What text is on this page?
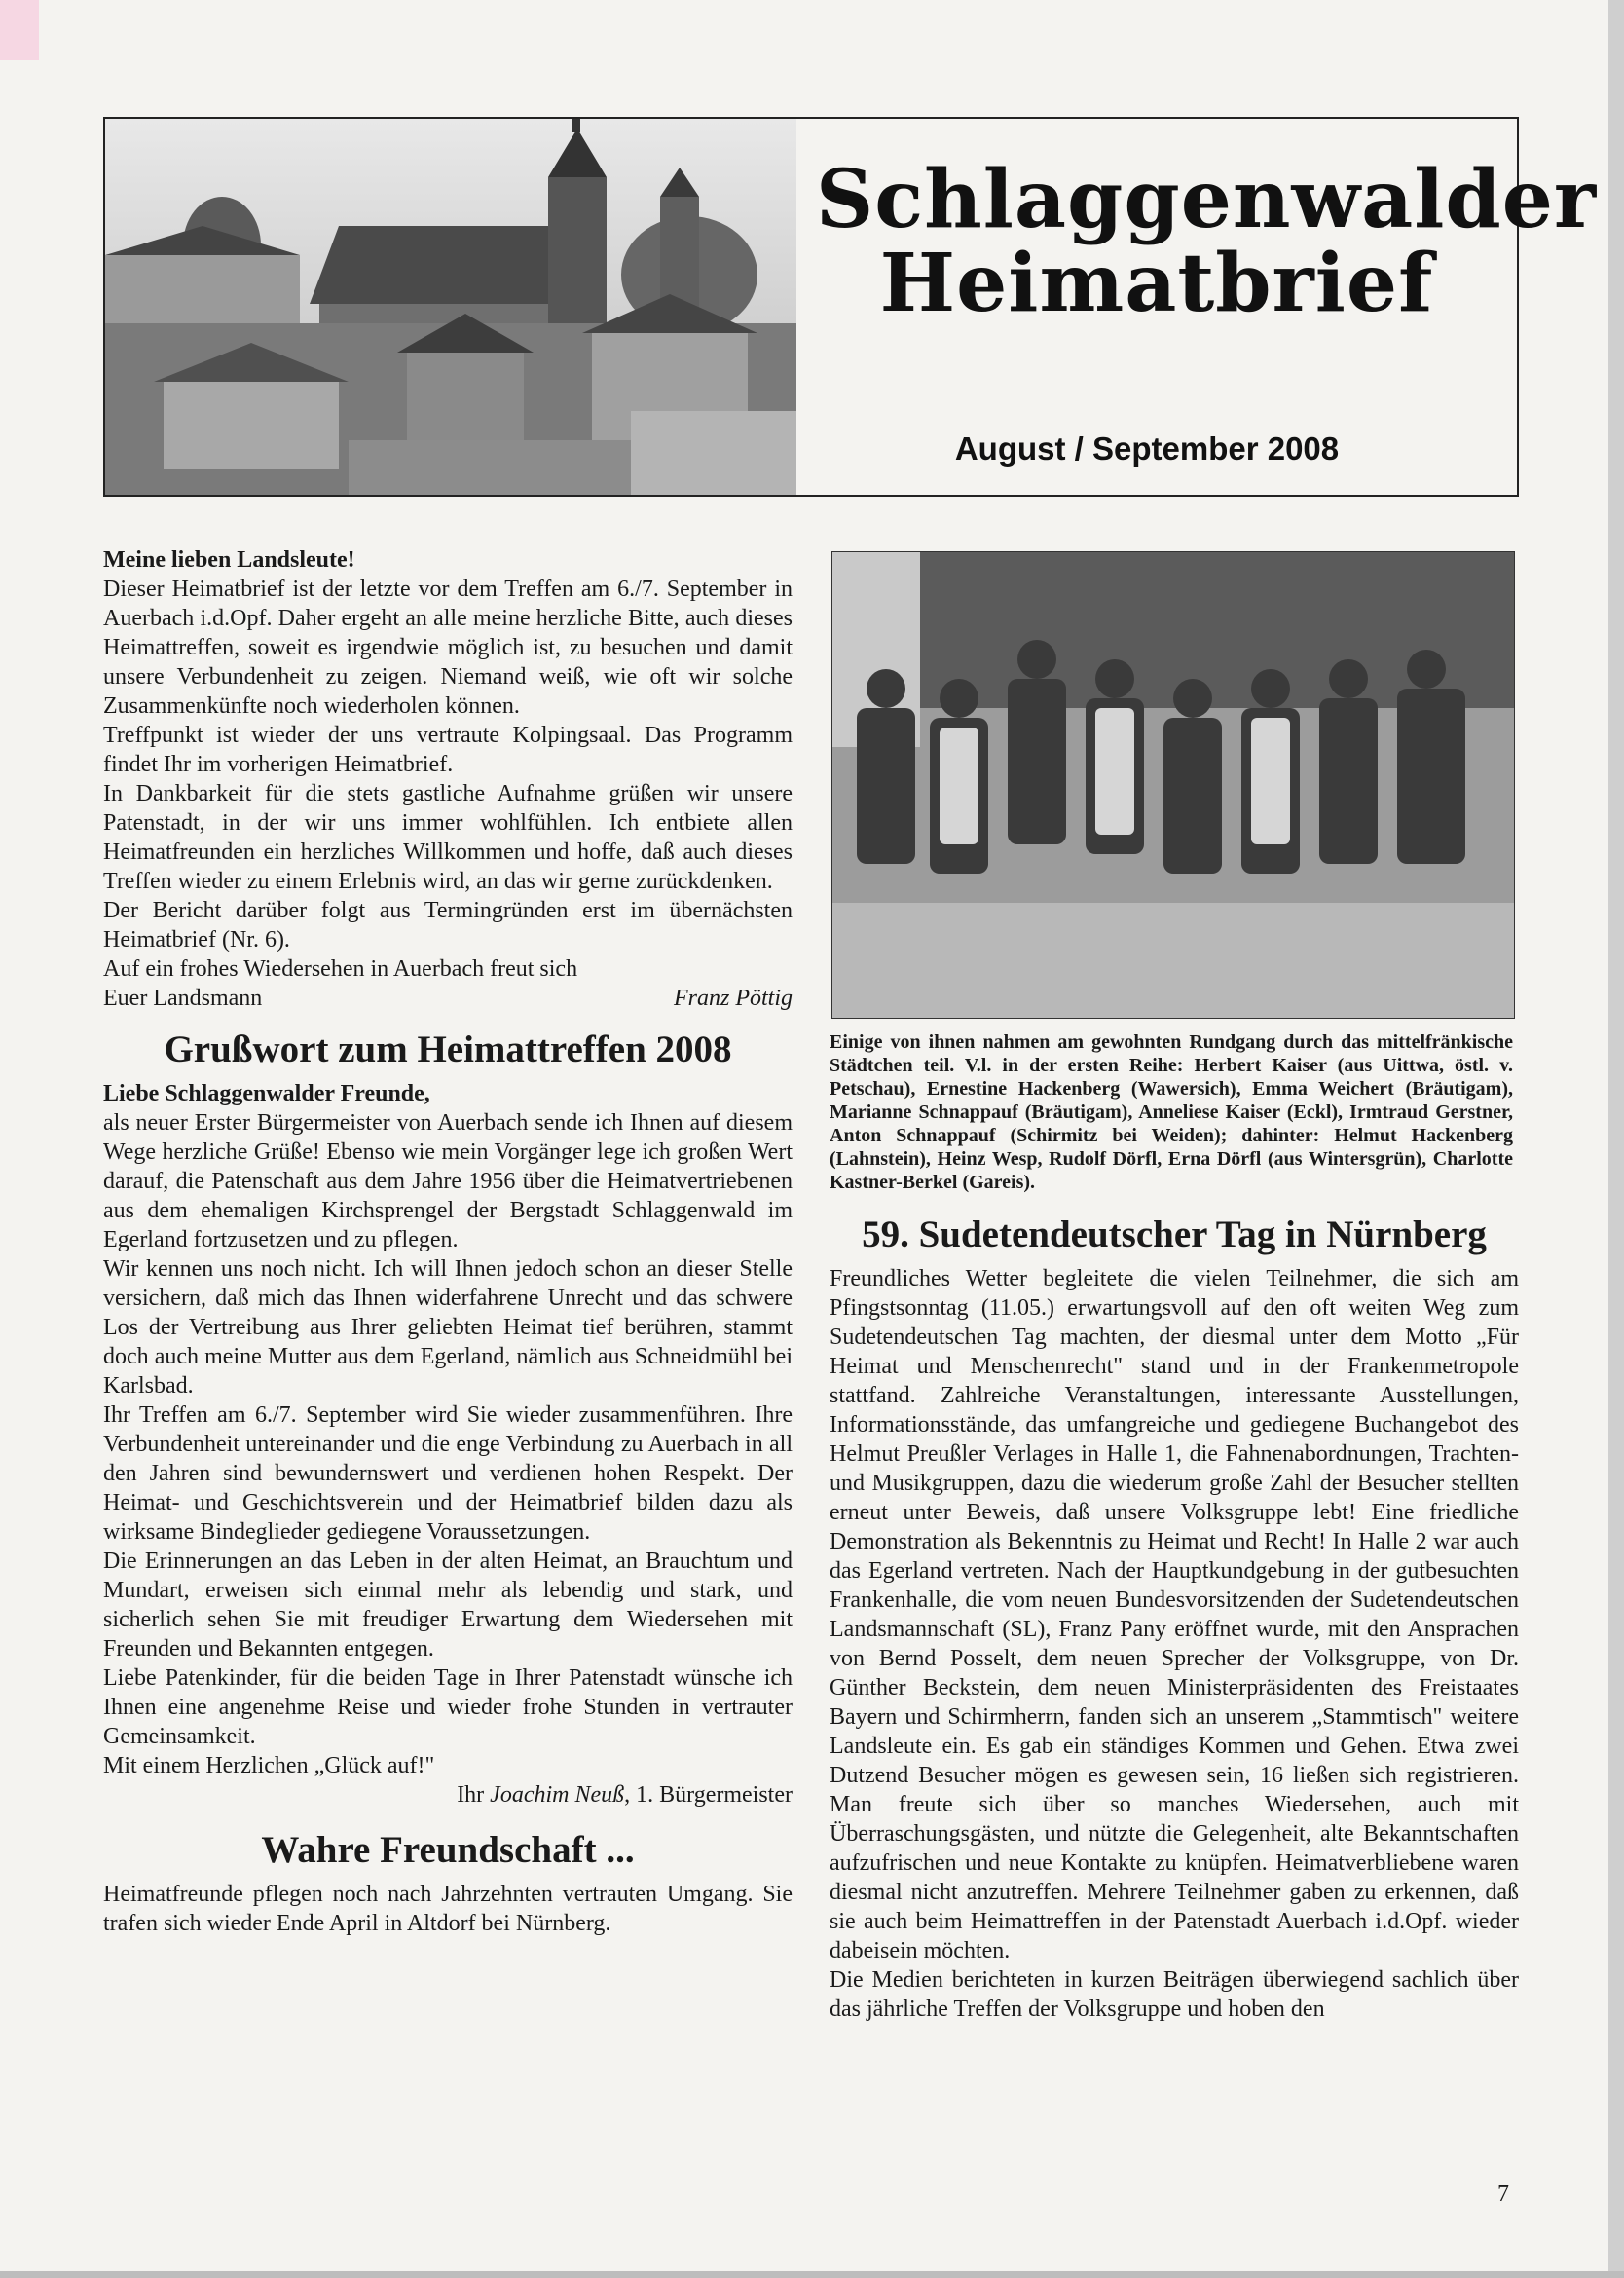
Schlaggenwalder
Heimatbrief
August / September 2008

Meine lieben Landsleute!

Dieser Heimatbrief ist der letzte vor dem Treffen am 6./7. September in Auerbach i.d.Opf. Daher ergeht an alle meine herzliche Bitte, auch dieses Heimattreffen, soweit es irgendwie möglich ist, zu besuchen und damit unsere Verbundenheit zu zeigen. Niemand weiß, wie oft wir solche Zusammenkünfte noch wiederholen können.

Treffpunkt ist wieder der uns vertraute Kolpingsaal. Das Programm findet Ihr im vorherigen Heimatbrief.

In Dankbarkeit für die stets gastliche Aufnahme grüßen wir unsere Patenstadt, in der wir uns immer wohlfühlen. Ich entbiete allen Heimatfreunden ein herzliches Willkommen und hoffe, daß auch dieses Treffen wieder zu einem Erlebnis wird, an das wir gerne zurückdenken.

Der Bericht darüber folgt aus Termingründen erst im übernächsten Heimatbrief (Nr. 6).

Auf ein frohes Wiedersehen in Auerbach freut sich

Euer Landsmann	Franz Pöttig
Grußwort zum Heimattreffen 2008

Liebe Schlaggenwalder Freunde,

als neuer Erster Bürgermeister von Auerbach sende ich Ihnen auf diesem Wege herzliche Grüße! Ebenso wie mein Vorgänger lege ich großen Wert darauf, die Patenschaft aus dem Jahre 1956 über die Heimatvertriebenen aus dem ehemaligen Kirchsprengel der Bergstadt Schlaggenwald im Egerland fortzusetzen und zu pflegen.

Wir kennen uns noch nicht. Ich will Ihnen jedoch schon an dieser Stelle versichern, daß mich das Ihnen widerfahrene Unrecht und das schwere Los der Vertreibung aus Ihrer geliebten Heimat tief berühren, stammt doch auch meine Mutter aus dem Egerland, nämlich aus Schneidmühl bei Karlsbad.

Ihr Treffen am 6./7. September wird Sie wieder zusammenführen. Ihre Verbundenheit untereinander und die enge Verbindung zu Auerbach in all den Jahren sind bewundernswert und verdienen hohen Respekt. Der Heimat- und Geschichtsverein und der Heimatbrief bilden dazu als wirksame Bindeglieder gediegene Voraussetzungen.

Die Erinnerungen an das Leben in der alten Heimat, an Brauchtum und Mundart, erweisen sich einmal mehr als lebendig und stark, und sicherlich sehen Sie mit freudiger Erwartung dem Wiedersehen mit Freunden und Bekannten entgegen.

Liebe Patenkinder, für die beiden Tage in Ihrer Patenstadt wünsche ich Ihnen eine angenehme Reise und wieder frohe Stunden in vertrauter Gemeinsamkeit.

Mit einem Herzlichen „Glück auf!"

Ihr Joachim Neuß, 1. Bürgermeister

Wahre Freundschaft ...

Heimatfreunde pflegen noch nach Jahrzehnten vertrauten Umgang. Sie trafen sich wieder Ende April in Altdorf bei Nürnberg.

Einige von ihnen nahmen am gewohnten Rundgang durch das mittelfränkische Städtchen teil. V.l. in der ersten Reihe: Herbert Kaiser (aus Uittwa, östl. v. Petschau), Ernestine Hackenberg (Wawersich), Emma Weichert (Bräutigam), Marianne Schnappauf (Bräutigam), Anneliese Kaiser (Eckl), Irmtraud Gerstner, Anton Schnappauf (Schirmitz bei Weiden); dahinter: Helmut Hackenberg (Lahnstein), Heinz Wesp, Rudolf Dörfl, Erna Dörfl (aus Wintersgrün), Charlotte Kastner-Berkel (Gareis).
59. Sudetendeutscher Tag in Nürnberg

Freundliches Wetter begleitete die vielen Teilnehmer, die sich am Pfingstsonntag (11.05.) erwartungsvoll auf den oft weiten Weg zum Sudetendeutschen Tag machten, der diesmal unter dem Motto „Für Heimat und Menschenrecht" stand und in der Frankenmetropole stattfand. Zahlreiche Veranstaltungen, interessante Ausstellungen, Informationsstände, das umfangreiche und gediegene Buchangebot des Helmut Preußler Verlages in Halle 1, die Fahnenabordnungen, Trachten- und Musikgruppen, dazu die wiederum große Zahl der Besucher stellten erneut unter Beweis, daß unsere Volksgruppe lebt! Eine friedliche Demonstration als Bekenntnis zu Heimat und Recht! In Halle 2 war auch das Egerland vertreten. Nach der Hauptkundgebung in der gutbesuchten Frankenhalle, die vom neuen Bundesvorsitzenden der Sudetendeutschen Landsmannschaft (SL), Franz Pany eröffnet wurde, mit den Ansprachen von Bernd Posselt, dem neuen Sprecher der Volksgruppe, von Dr. Günther Beckstein, dem neuen Ministerpräsidenten des Freistaates Bayern und Schirmherrn, fanden sich an unserem „Stammtisch" weitere Landsleute ein. Es gab ein ständiges Kommen und Gehen. Etwa zwei Dutzend Besucher mögen es gewesen sein, 16 ließen sich registrieren. Man freute sich über so manches Wiedersehen, auch mit Überraschungsgästen, und nützte die Gelegenheit, alte Bekanntschaften aufzufrischen und neue Kontakte zu knüpfen. Heimatverbliebene waren diesmal nicht anzutreffen. Mehrere Teilnehmer gaben zu erkennen, daß sie auch beim Heimattreffen in der Patenstadt Auerbach i.d.Opf. wieder dabeisein möchten.

Die Medien berichteten in kurzen Beiträgen überwiegend sachlich über das jährliche Treffen der Volksgruppe und hoben den

7
